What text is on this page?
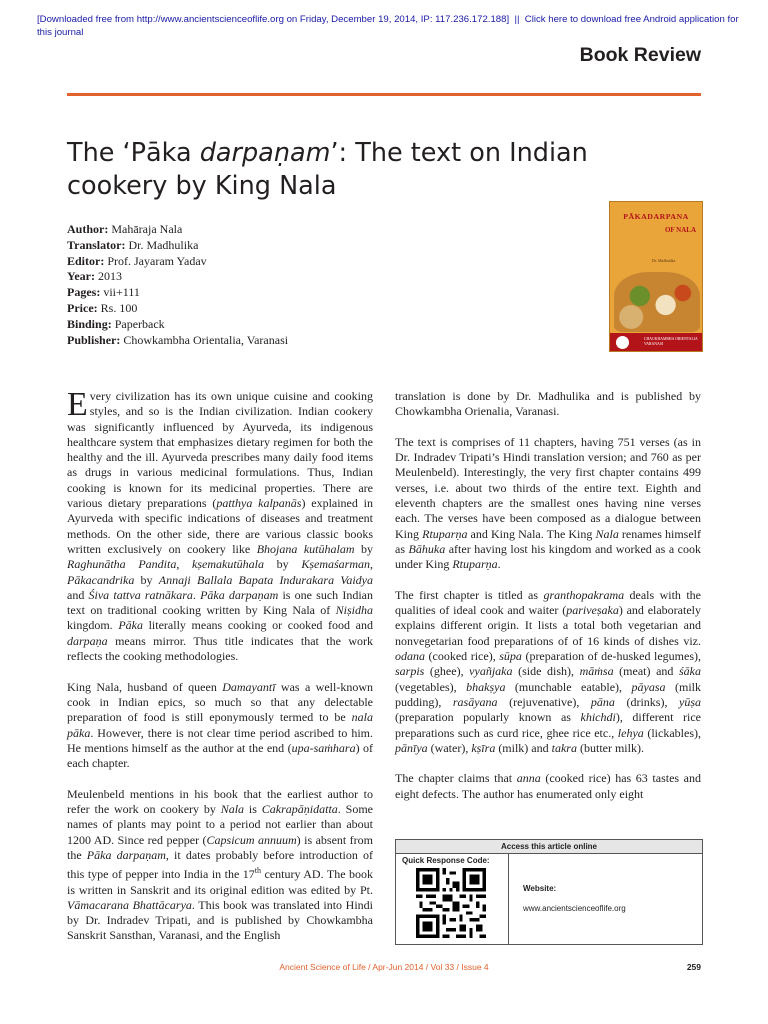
[Downloaded free from http://www.ancientscienceoflife.org on Friday, December 19, 2014, IP: 117.236.172.188]  ||  Click here to download free Android application for
this journal
Book Review
The ‘Pāka darpaṇam’: The text on Indian cookery by King Nala
Author: Mahāraja Nala
Translator: Dr. Madhulika
Editor: Prof. Jayaram Yadav
Year: 2013
Pages: vii+111
Price: Rs. 100
Binding: Paperback
Publisher: Chowkambha Orientalia, Varanasi
PĀKADARPANA
OF NALA
Dr. Madhulika
CHAUKHAMBHA ORIENTALIA
VARANASI

Every civilization has its own unique cuisine and cooking styles, and so is the Indian civilization. Indian cookery was significantly influenced by Ayurveda, its indigenous healthcare system that emphasizes dietary regimen for both the healthy and the ill. Ayurveda prescribes many daily food items as drugs in various medicinal formulations. Thus, Indian cooking is known for its medicinal properties. There are various dietary preparations (patthya kalpanās) explained in Ayurveda with specific indications of diseases and treatment methods. On the other side, there are various classic books written exclusively on cookery like Bhojana kutūhalam by Raghunātha Pandita, kṣemakutūhala by Kṣemaśarman, Pākacandrika by Annaji Ballala Bapata Indurakara Vaidya and Śiva tattva ratnākara. Pāka darpaṇam is one such Indian text on traditional cooking written by King Nala of Niṣidha kingdom. Pāka literally means cooking or cooked food and darpaṇa means mirror. Thus title indicates that the work reflects the cooking methodologies.

King Nala, husband of queen Damayantī was a well-known cook in Indian epics, so much so that any delectable preparation of food is still eponymously termed to be nala pāka. However, there is not clear time period ascribed to him. He mentions himself as the author at the end (upa-saṁhara) of each chapter.

Meulenbeld mentions in his book that the earliest author to refer the work on cookery by Nala is Cakrapāṇidatta. Some names of plants may point to a period not earlier than about 1200 AD. Since red pepper (Capsicum annuum) is absent from the Pāka darpaṇam, it dates probably before introduction of this type of pepper into India in the 17th century AD. The book is written in Sanskrit and its original edition was edited by Pt. Vāmacarana Bhattācarya. This book was translated into Hindi by Dr. Indradev Tripati, and is published by Chowkambha Sanskrit Sansthan, Varanasi, and the English

translation is done by Dr. Madhulika and is published by Chowkambha Orienalia, Varanasi.

The text is comprises of 11 chapters, having 751 verses (as in Dr. Indradev Tripati’s Hindi translation version; and 760 as per Meulenbeld). Interestingly, the very first chapter contains 499 verses, i.e. about two thirds of the entire text. Eighth and eleventh chapters are the smallest ones having nine verses each. The verses have been composed as a dialogue between King Rtuparṇa and King Nala. The King Nala renames himself as Bāhuka after having lost his kingdom and worked as a cook under King Rtuparṇa.

The first chapter is titled as granthopakrama deals with the qualities of ideal cook and waiter (pariveṣaka) and elaborately explains different origin. It lists a total both vegetarian and nonvegetarian food preparations of of 16 kinds of dishes viz. odana (cooked rice), sūpa (preparation of de-husked legumes), sarpis (ghee), vyañjaka (side dish), māṁsa (meat) and śāka (vegetables), bhakṣya (munchable eatable), pāyasa (milk pudding), rasāyana (rejuvenative), pāna (drinks), yūṣa (preparation popularly known as khichdi), different rice preparations such as curd rice, ghee rice etc., lehya (lickables), pānīya (water), kṣīra (milk) and takra (butter milk).

The chapter claims that anna (cooked rice) has 63 tastes and eight defects. The author has enumerated only eight

Access this article online
Quick Response Code:
Website:
www.ancientscienceoflife.org
Ancient Science of Life / Apr-Jun 2014 / Vol 33 / Issue 4	259
